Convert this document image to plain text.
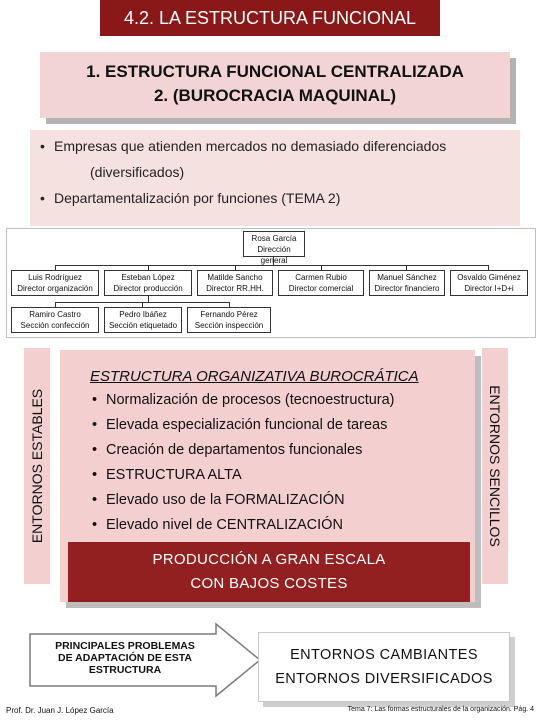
4.2. LA ESTRUCTURA FUNCIONAL
1. ESTRUCTURA FUNCIONAL CENTRALIZADA
2. (BUROCRACIA MAQUINAL)
• Empresas que atienden mercados no demasiado diferenciados
(diversificados)
• Departamentalización por funciones (TEMA 2)
Rosa García
Dirección general
Luis Rodríguez
Director organización
Esteban López
Director producción
Matilde Sancho
Director RR.HH.
Carmen Rubio
Director comercial
Manuel Sánchez
Director financiero
Osvaldo Giménez
Director I+D+i
Ramiro Castro
Sección confección
Pedro Ibáñez
Sección etiquetado
Fernando Pérez
Sección inspección
ENTORNOS ESTABLES	ENTORNOS SENCILLOS
ESTRUCTURA ORGANIZATIVA BUROCRÁTICA
• Normalización de procesos (tecnoestructura)
• Elevada especialización funcional de tareas
• Creación de departamentos funcionales
• ESTRUCTURA ALTA
• Elevado uso de la FORMALIZACIÓN
• Elevado nivel de CENTRALIZACIÓN
PRODUCCIÓN A GRAN ESCALA
CON BAJOS COSTES
PRINCIPALES PROBLEMAS DE ADAPTACIÓN DE ESTA ESTRUCTURA
ENTORNOS CAMBIANTES
ENTORNOS DIVERSIFICADOS
Prof. Dr. Juan J. López García	Tema 7: Las formas estructurales de la organización. Pág. 4
